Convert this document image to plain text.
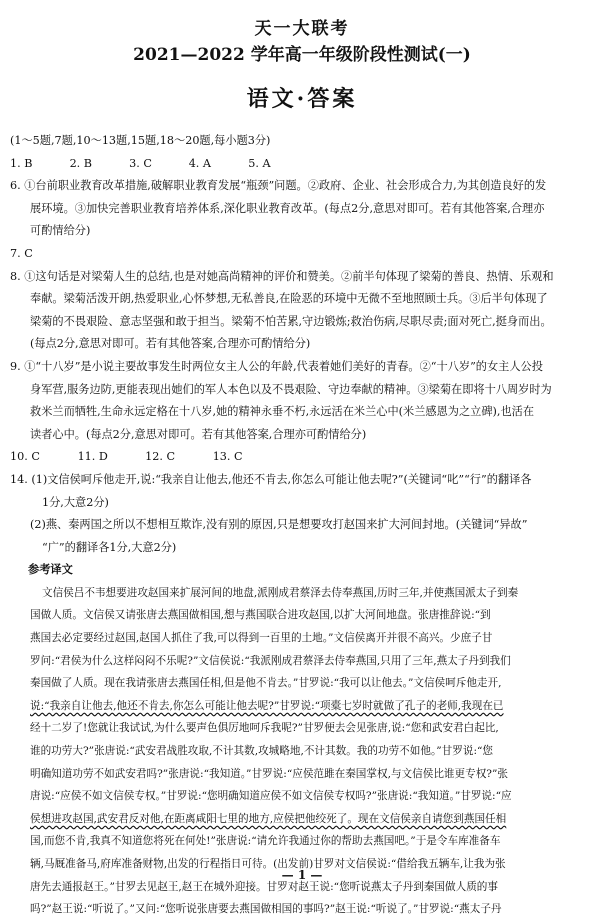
天一大联考
2021—2022 学年高一年级阶段性测试(一)
语文·答案
(1～5题,7题,10～13题,15题,18～20题,每小题3分)
1. B	2. B	3. C	4. A	5. A
6. ①台前职业教育改革措施,破解职业教育发展“瓶颈”问题。②政府、企业、社会形成合力,为其创造良好的发
展环境。③加快完善职业教育培养体系,深化职业教育改革。(每点2分,意思对即可。若有其他答案,合理亦
可酌情给分)
7. C
8. ①这句话是对梁菊人生的总结,也是对她高尚精神的评价和赞美。②前半句体现了梁菊的善良、热情、乐观和
奉献。梁菊活泼开朗,热爱职业,心怀梦想,无私善良,在险恶的环境中无微不至地照顾士兵。③后半句体现了
梁菊的不畏艰险、意志坚强和敢于担当。梁菊不怕苦累,守边锻炼;救治伤病,尽职尽责;面对死亡,挺身而出。
(每点2分,意思对即可。若有其他答案,合理亦可酌情给分)
9. ①“十八岁”是小说主要故事发生时两位女主人公的年龄,代表着她们美好的青春。②“十八岁”的女主人公投
身军营,服务边防,更能表现出她们的军人本色以及不畏艰险、守边奉献的精神。③梁菊在即将十八周岁时为
救米兰而牺牲,生命永远定格在十八岁,她的精神永垂不朽,永远活在米兰心中(米兰感恩为之立碑),也活在
读者心中。(每点2分,意思对即可。若有其他答案,合理亦可酌情给分)
10. C	11. D	12. C	13. C
14. (1)文信侯呵斥他走开,说:“我亲自让他去,他还不肯去,你怎么可能让他去呢?”(关键词“叱”“行”的翻译各
1分,大意2分)
(2)燕、秦两国之所以不想相互欺诈,没有别的原因,只是想要攻打赵国来扩大河间封地。(关键词“异故”
“广”的翻译各1分,大意2分)
参考译文
文信侯吕不韦想要进攻赵国来扩展河间的地盘,派刚成君蔡泽去侍奉燕国,历时三年,并使燕国派太子到秦
国做人质。文信侯又请张唐去燕国做相国,想与燕国联合进攻赵国,以扩大河间地盘。张唐推辞说:“到
燕国去必定要经过赵国,赵国人抓住了我,可以得到一百里的土地。”文信侯离开并很不高兴。少庶子甘
罗问:“君侯为什么这样闷闷不乐呢?”文信侯说:“我派刚成君蔡泽去侍奉燕国,只用了三年,燕太子丹到我们
秦国做了人质。现在我请张唐去燕国任相,但是他不肯去。”甘罗说:“我可以让他去。”文信侯呵斥他走开,
说:“我亲自让他去,他还不肯去,你怎么可能让他去呢?”甘罗说:“项橐七岁时就做了孔子的老师,我现在已
经十二岁了!您就让我试试,为什么要声色俱厉地呵斥我呢?”甘罗便去会见张唐,说:“您和武安君白起比,
谁的功劳大?”张唐说:“武安君战胜攻取,不计其数,攻城略地,不计其数。我的功劳不如他。”甘罗说:“您
明确知道功劳不如武安君吗?”张唐说:“我知道。”甘罗说:“应侯范雎在秦国掌权,与文信侯比谁更专权?”张
唐说:“应侯不如文信侯专权。”甘罗说:“您明确知道应侯不如文信侯专权吗?”张唐说:“我知道。”甘罗说:“应
侯想进攻赵国,武安君反对他,在距离咸阳七里的地方,应侯把他绞死了。现在文信侯亲自请您到燕国任相
国,而您不肯,我真不知道您将死在何处!”张唐说:“请允许我通过你的帮助去燕国吧。”于是令车库准备车
辆,马厩准备马,府库准备财物,出发的行程指日可待。(出发前)甘罗对文信侯说:“借给我五辆车,让我为张
唐先去通报赵王。”甘罗去见赵王,赵王在城外迎接。甘罗对赵王说:“您听说燕太子丹到秦国做人质的事
吗?”赵王说:“听说了。”又问:“您听说张唐要去燕国做相国的事吗?”赵王说:“听说了。”甘罗说:“燕太子丹
— 1 —
